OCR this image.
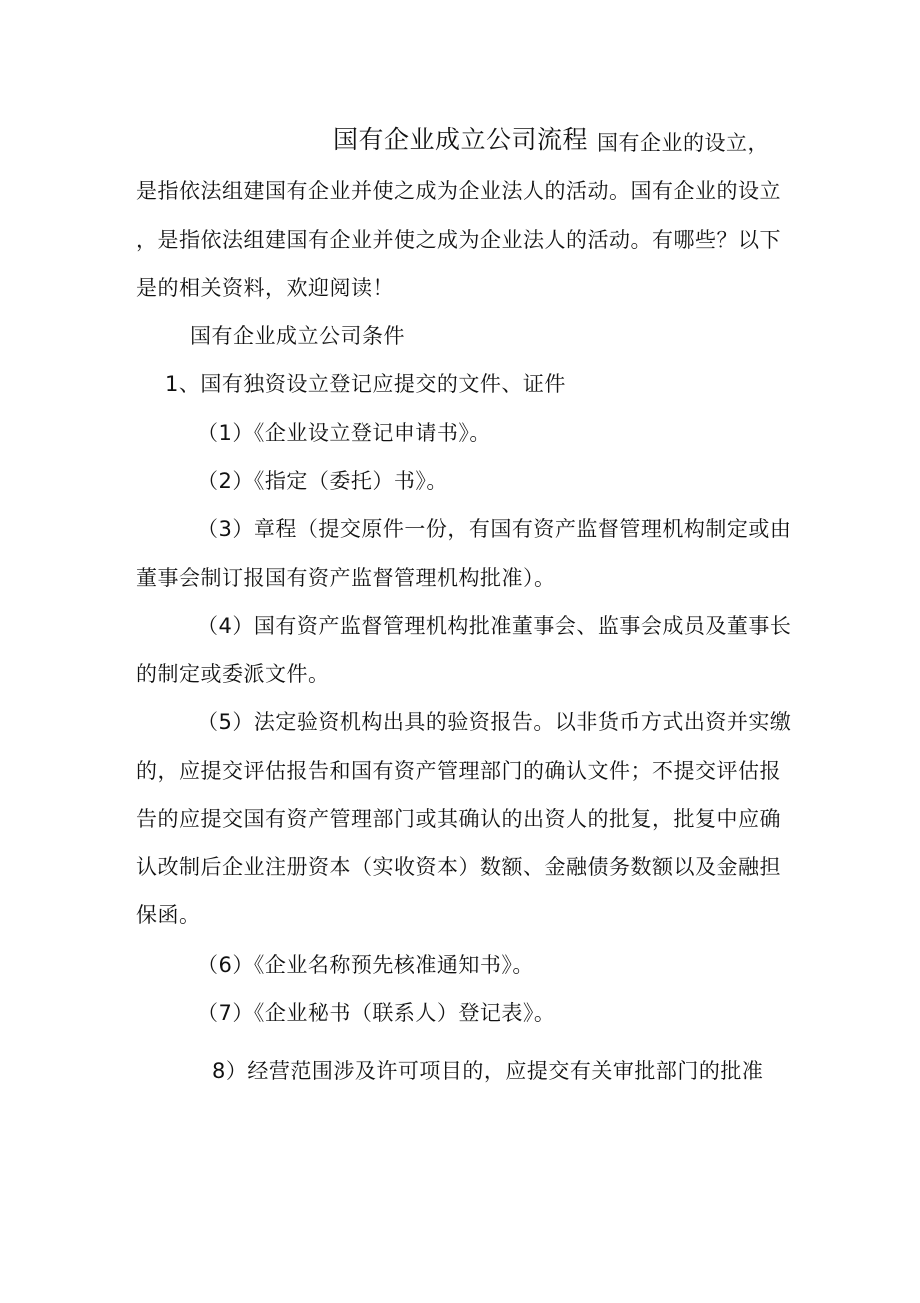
国有企业成立公司流程 国有企业的设立，
是指依法组建国有企业并使之成为企业法人的活动。国有企业的设立
，是指依法组建国有企业并使之成为企业法人的活动。有哪些？以下
是的相关资料，欢迎阅读！
国有企业成立公司条件
1、国有独资设立登记应提交的文件、证件
（1）《企业设立登记申请书》。
（2）《指定（委托）书》。
（3）章程（提交原件一份，有国有资产监督管理机构制定或由
董事会制订报国有资产监督管理机构批准）。
（4）国有资产监督管理机构批准董事会、监事会成员及董事长
的制定或委派文件。
（5）法定验资机构出具的验资报告。以非货币方式出资并实缴
的，应提交评估报告和国有资产管理部门的确认文件；不提交评估报
告的应提交国有资产管理部门或其确认的出资人的批复，批复中应确
认改制后企业注册资本（实收资本）数额、金融债务数额以及金融担
保函。
（6）《企业名称预先核准通知书》。
（7）《企业秘书（联系人）登记表》。
8）经营范围涉及许可项目的，应提交有关审批部门的批准
